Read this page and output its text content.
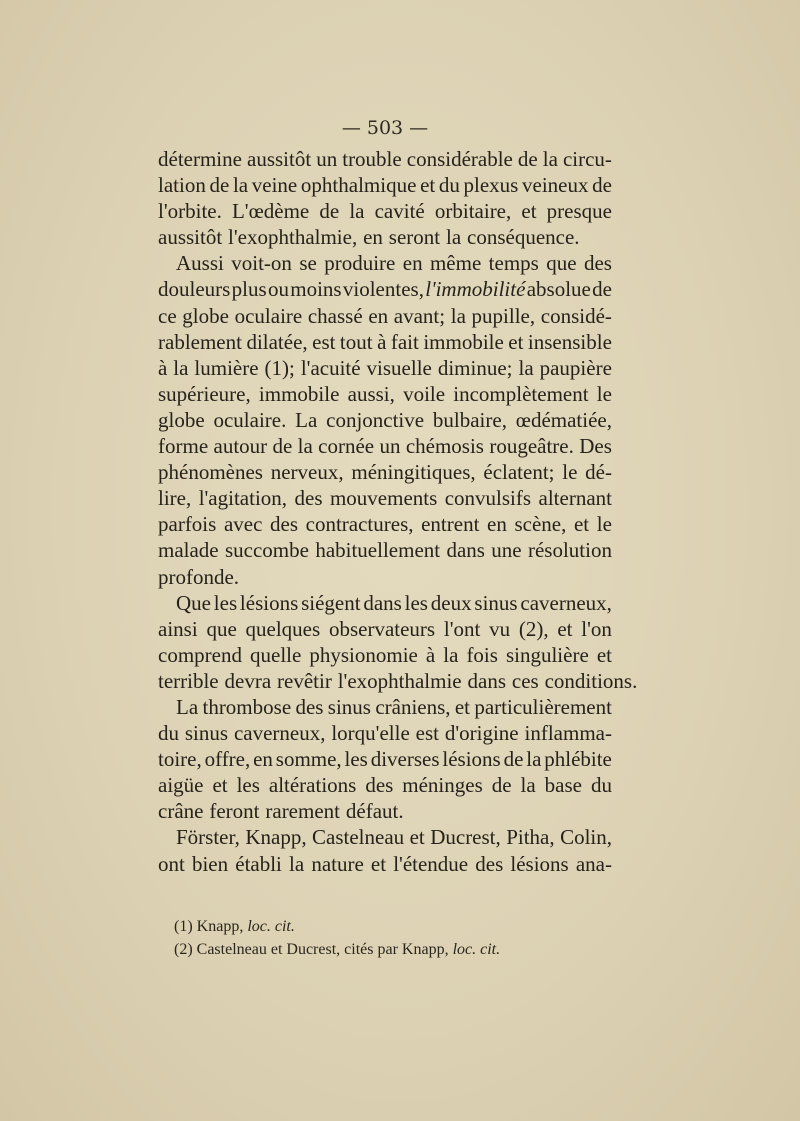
— 503 —
détermine aussitôt un trouble considérable de la circu-
lation de la veine ophthalmique et du plexus veineux de
l'orbite. L'œdème de la cavité orbitaire, et presque
aussitôt l'exophthalmie, en seront la conséquence.
Aussi voit-on se produire en même temps que des
douleurs plus ou moins violentes, l'immobilité absolue de
ce globe oculaire chassé en avant; la pupille, considé-
rablement dilatée, est tout à fait immobile et insensible
à la lumière (1); l'acuité visuelle diminue; la paupière
supérieure, immobile aussi, voile incomplètement le
globe oculaire. La conjonctive bulbaire, œdématiée,
forme autour de la cornée un chémosis rougeâtre. Des
phénomènes nerveux, méningitiques, éclatent; le dé-
lire, l'agitation, des mouvements convulsifs alternant
parfois avec des contractures, entrent en scène, et le
malade succombe habituellement dans une résolution
profonde.
Que les lésions siégent dans les deux sinus caverneux,
ainsi que quelques observateurs l'ont vu (2), et l'on
comprend quelle physionomie à la fois singulière et
terrible devra revêtir l'exophthalmie dans ces conditions.
La thrombose des sinus crâniens, et particulièrement
du sinus caverneux, lorqu'elle est d'origine inflamma-
toire, offre, en somme, les diverses lésions de la phlébite
aigüe et les altérations des méninges de la base du
crâne feront rarement défaut.
Förster, Knapp, Castelneau et Ducrest, Pitha, Colin,
ont bien établi la nature et l'étendue des lésions ana-
(1) Knapp, loc. cit.
(2) Castelneau et Ducrest, cités par Knapp, loc. cit.
